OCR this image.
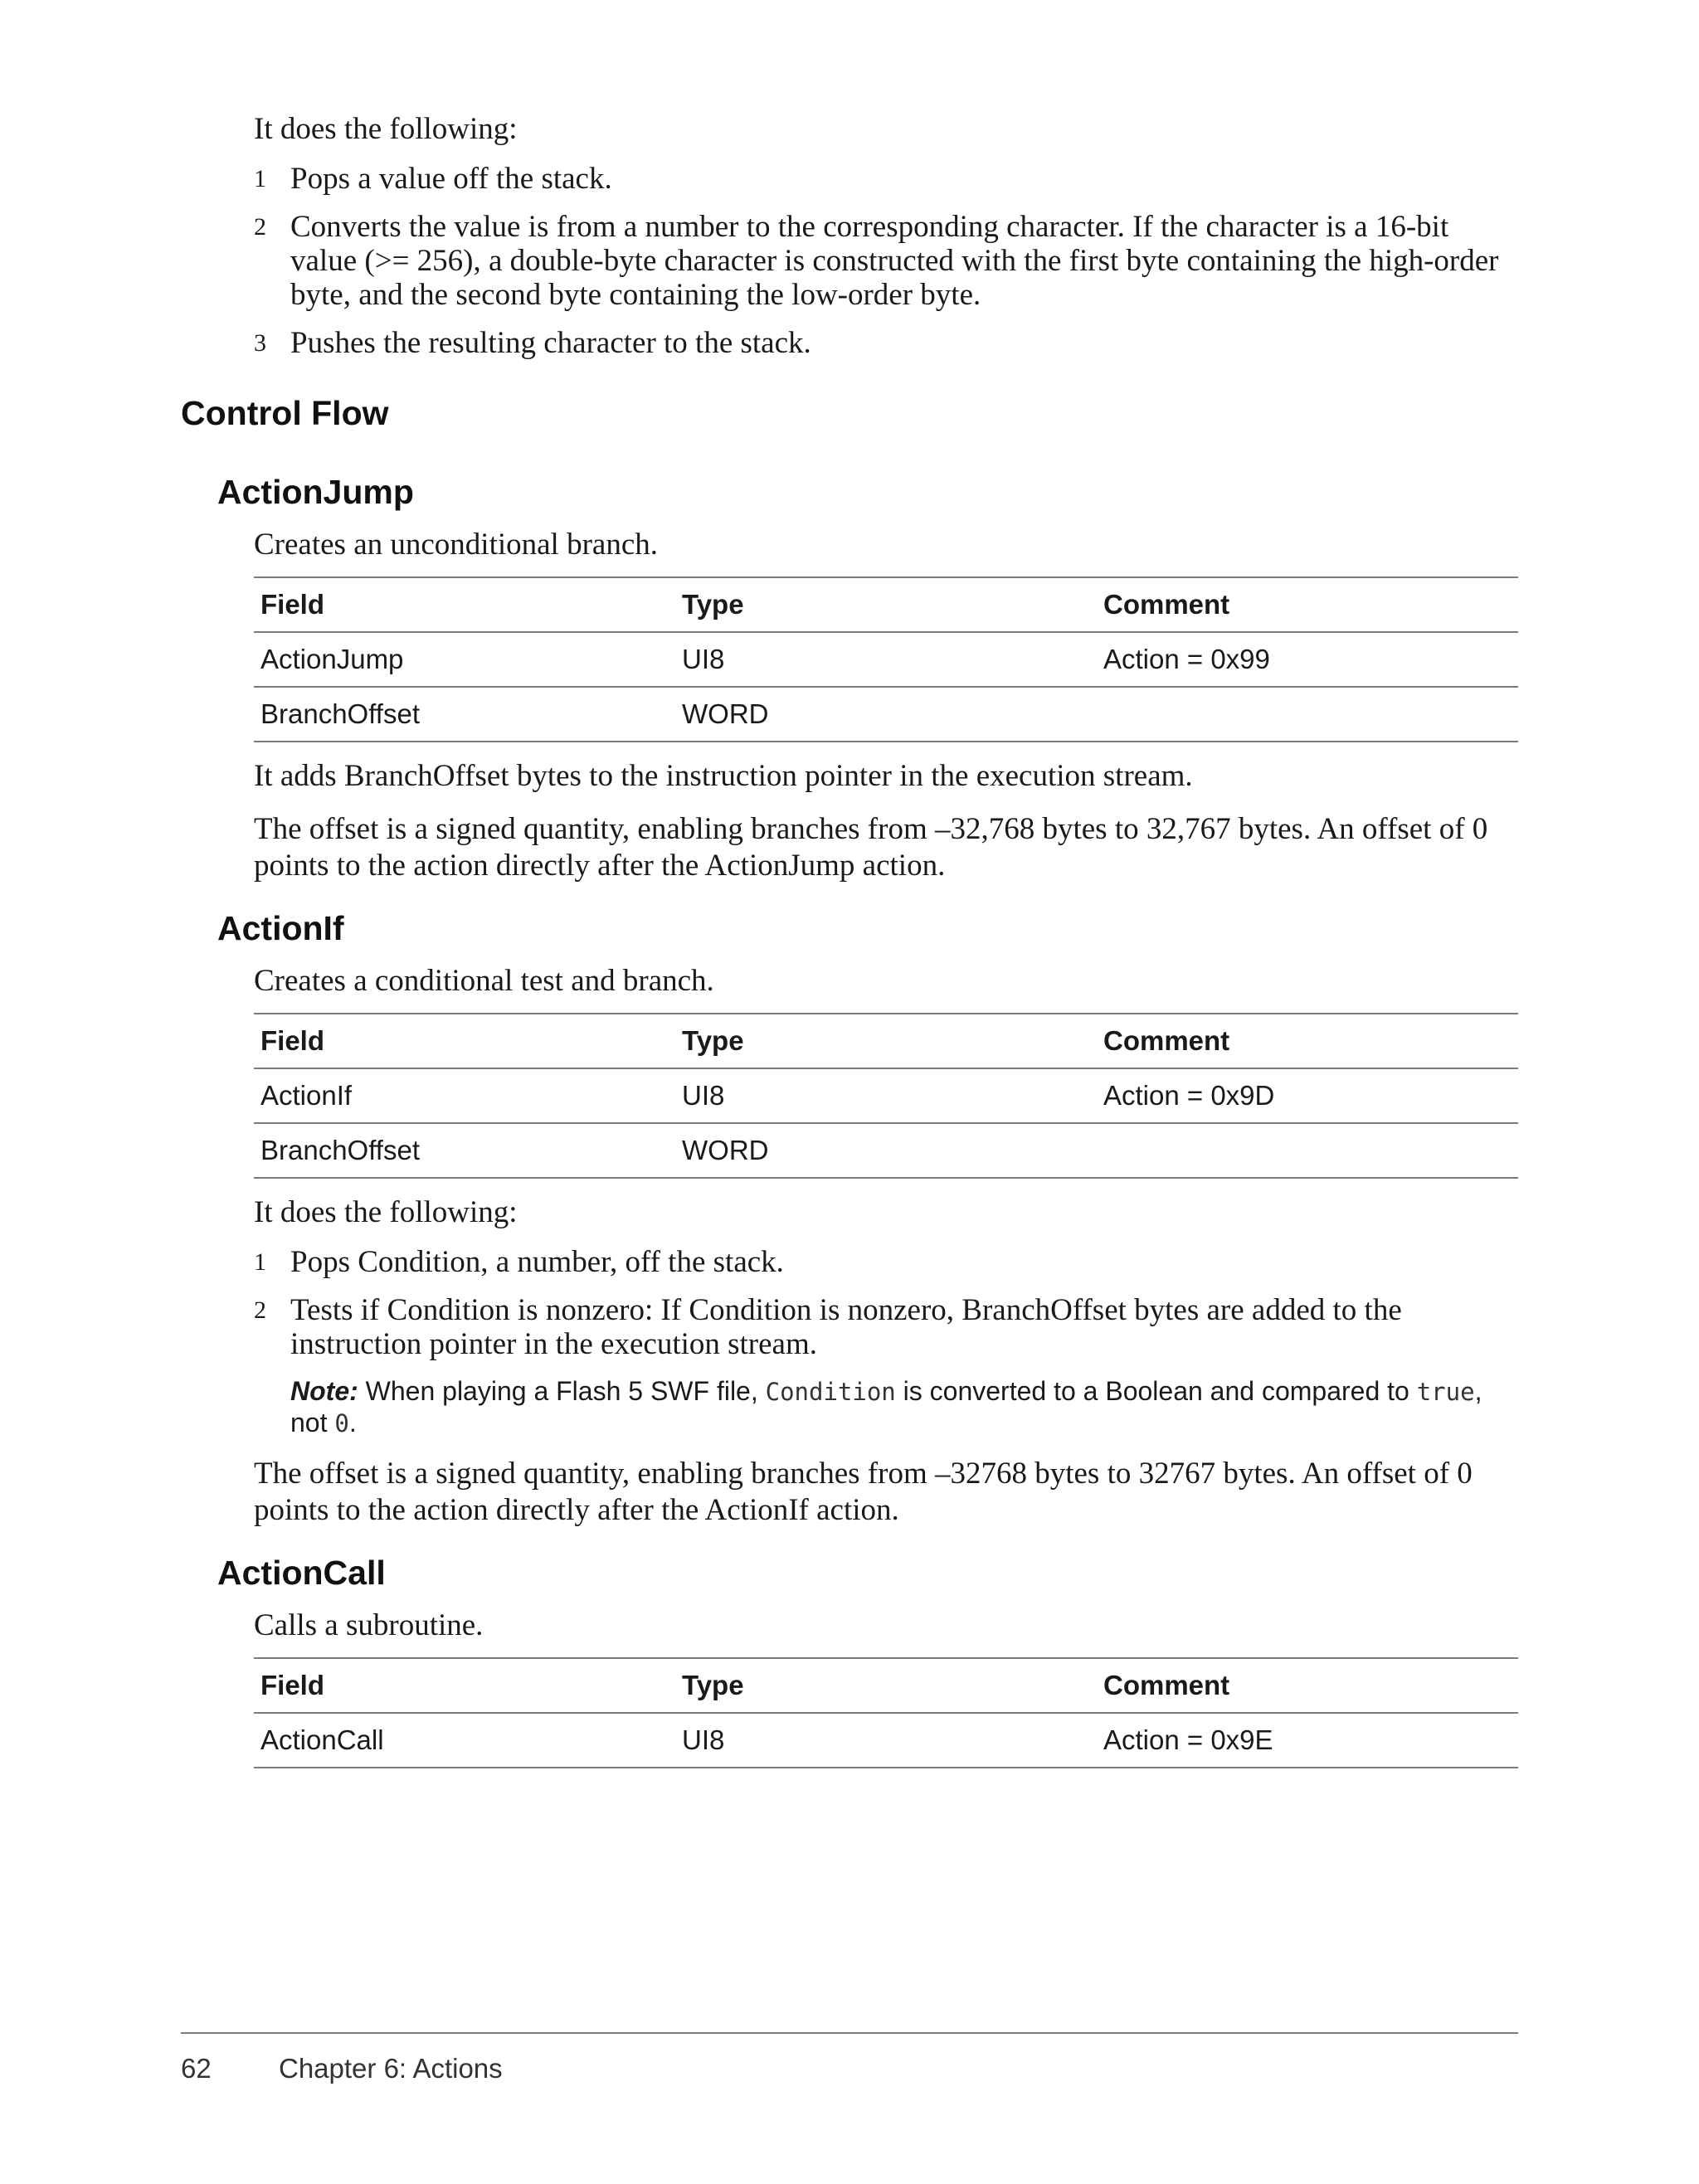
It does the following:

1 Pops a value off the stack.
2 Converts the value is from a number to the corresponding character. If the character is a 16-bit value (>= 256), a double-byte character is constructed with the first byte containing the high-order byte, and the second byte containing the low-order byte.
3 Pushes the resulting character to the stack.
Control Flow
ActionJump

Creates an unconditional branch.

Field	Type	Comment
ActionJump	UI8	Action = 0x99
BranchOffset	WORD	

It adds BranchOffset bytes to the instruction pointer in the execution stream.

The offset is a signed quantity, enabling branches from –32,768 bytes to 32,767 bytes. An offset of 0 points to the action directly after the ActionJump action.

ActionIf

Creates a conditional test and branch.

Field	Type	Comment
ActionIf	UI8	Action = 0x9D
BranchOffset	WORD	

It does the following:

1 Pops Condition, a number, off the stack.
2 Tests if Condition is nonzero: If Condition is nonzero, BranchOffset bytes are added to the instruction pointer in the execution stream.
Note: When playing a Flash 5 SWF file, Condition is converted to a Boolean and compared to true, not 0.

The offset is a signed quantity, enabling branches from –32768 bytes to 32767 bytes. An offset of 0 points to the action directly after the ActionIf action.

ActionCall

Calls a subroutine.

Field	Type	Comment
ActionCall	UI8	Action = 0x9E
62 Chapter 6: Actions
